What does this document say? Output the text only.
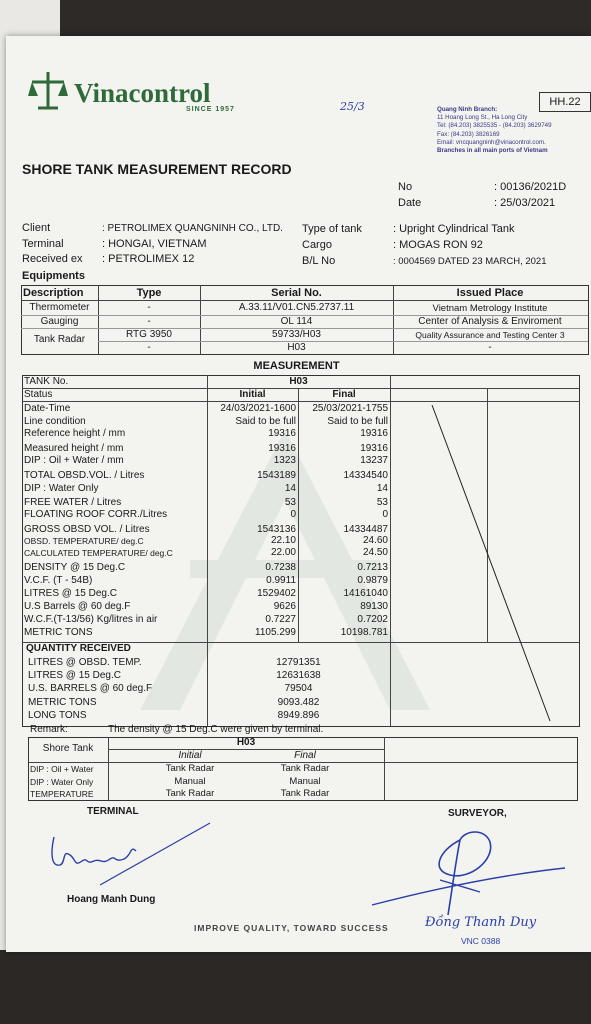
Vinacontrol
SINCE 1957
HH.22
25/3	Quang Ninh Branch:
11 Hoang Long St., Ha Long City
Tel: (84.203) 3825535 - (84.203) 3629749
Fax: (84.203) 3826169
Email: vncquangninh@vinacontrol.com.
Branches in all main ports of Vietnam
SHORE TANK MEASUREMENT RECORD
No	: 00136/2021D
Date	: 25/03/2021
Client	: PETROLIMEX QUANGNINH CO., LTD.
Terminal	: HONGAI, VIETNAM
Received ex : PETROLIMEX 12
Type of tank	: Upright Cylindrical Tank
Cargo	: MOGAS RON 92
B/L No	: 0004569 DATED 23 MARCH, 2021
Equipments
Description	Type	Serial No.	Issued Place
Thermometer	-	A.33.11/V01.CN5.2737.11	Vietnam Metrology Institute
Gauging	-	OL 114	Center of Analysis & Enviroment
Tank Radar	RTG 3950	59733/H03	Quality Assurance and Testing Center 3
-	H03	-
MEASUREMENT
TANK No.	H03
Status	Initial	Final
Date-Time	24/03/2021-1600	25/03/2021-1755
Line condition	Said to be full	Said to be full
Reference height / mm	19316	19316
Measured height / mm	19316	19316
DIP : Oil + Water / mm	1323	13237
TOTAL OBSD.VOL. / Litres	1543189	14334540
DIP : Water Only	14	14
FREE WATER / Litres	53	53
FLOATING ROOF CORR./Litres	0	0
GROSS OBSD VOL. / Litres	1543136	14334487
OBSD. TEMPERATURE/ deg.C	22.10	24.60
CALCULATED TEMPERATURE/ deg.C	22.00	24.50
DENSITY @ 15 Deg.C	0.7238	0.7213
V.C.F. (T - 54B)	0.9911	0.9879
LITRES @ 15 Deg.C	1529402	14161040
U.S Barrels @ 60 deg.F	9626	89130
W.C.F.(T-13/56) Kg/litres in air	0.7227	0.7202
METRIC TONS	1105.299	10198.781
QUANTITY RECEIVED
LITRES @ OBSD. TEMP.	12791351
LITRES @ 15 Deg.C	12631638
U.S. BARRELS @ 60 deg.F	79504
METRIC TONS	9093.482
LONG TONS	8949.896
Remark:	The density @ 15 Deg.C were given by terminal.
Shore Tank
H03
Initial	Final
DIP : Oil + Water	Tank Radar	Tank Radar
DIP : Water Only	Manual	Manual
TEMPERATURE	Tank Radar	Tank Radar
TERMINAL	SURVEYOR,
Hoang Manh Dung
IMPROVE QUALITY, TOWARD SUCCESS	Đồng Thanh Duy
VNC 0388
